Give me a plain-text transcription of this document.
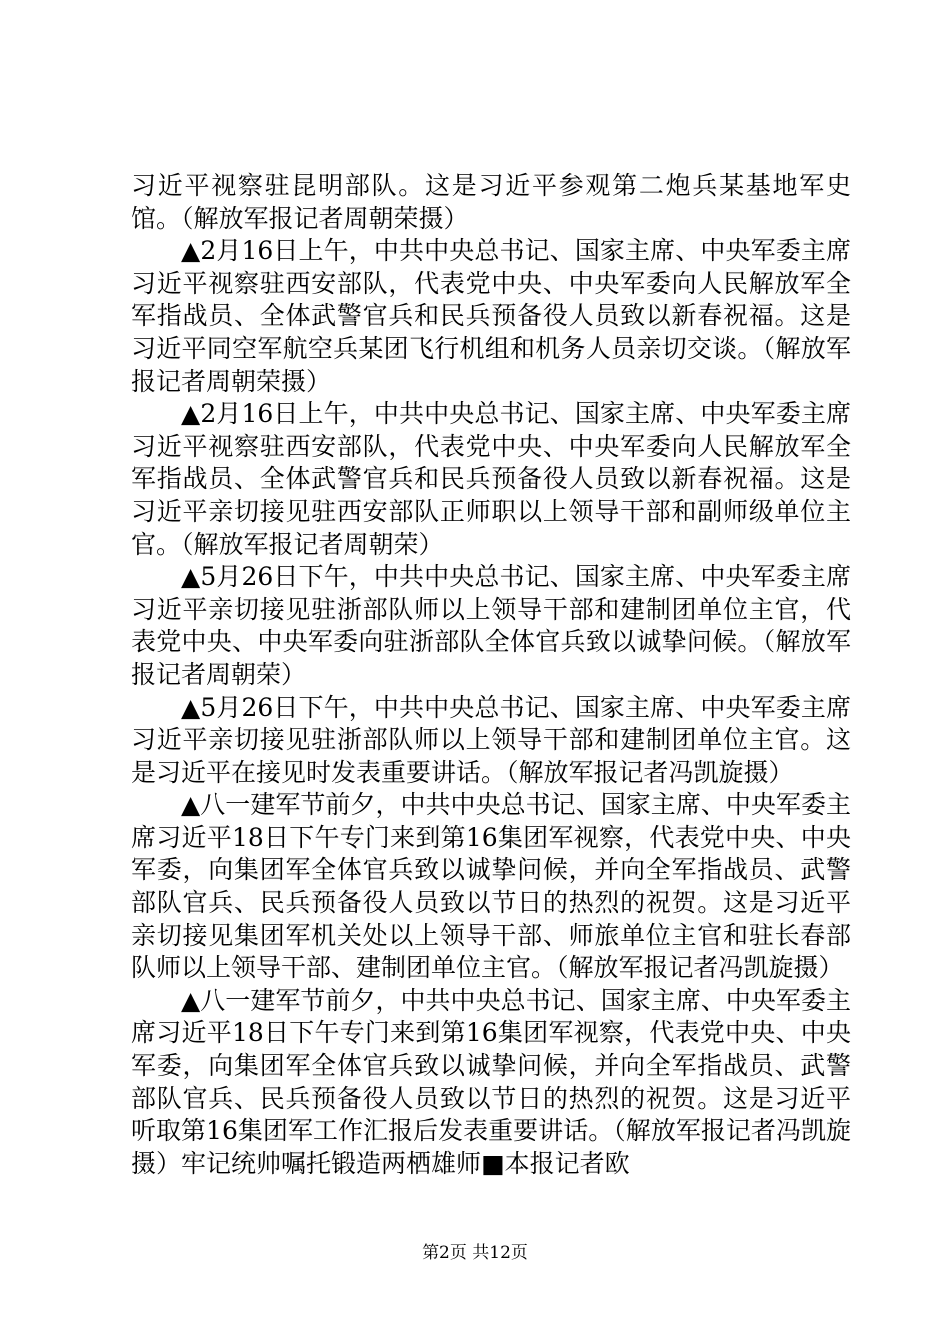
习近平视察驻昆明部队。这是习近平参观第二炮兵某基地军史馆。（解放军报记者周朝荣摄）

▲2月16日上午，中共中央总书记、国家主席、中央军委主席习近平视察驻西安部队，代表党中央、中央军委向人民解放军全军指战员、全体武警官兵和民兵预备役人员致以新春祝福。这是习近平同空军航空兵某团飞行机组和机务人员亲切交谈。（解放军报记者周朝荣摄）

▲2月16日上午，中共中央总书记、国家主席、中央军委主席习近平视察驻西安部队，代表党中央、中央军委向人民解放军全军指战员、全体武警官兵和民兵预备役人员致以新春祝福。这是习近平亲切接见驻西安部队正师职以上领导干部和副师级单位主官。（解放军报记者周朝荣）

▲5月26日下午，中共中央总书记、国家主席、中央军委主席习近平亲切接见驻浙部队师以上领导干部和建制团单位主官，代表党中央、中央军委向驻浙部队全体官兵致以诚挚问候。（解放军报记者周朝荣）

▲5月26日下午，中共中央总书记、国家主席、中央军委主席习近平亲切接见驻浙部队师以上领导干部和建制团单位主官。这是习近平在接见时发表重要讲话。（解放军报记者冯凯旋摄）

▲八一建军节前夕，中共中央总书记、国家主席、中央军委主席习近平18日下午专门来到第16集团军视察，代表党中央、中央军委，向集团军全体官兵致以诚挚问候，并向全军指战员、武警部队官兵、民兵预备役人员致以节日的热烈的祝贺。这是习近平亲切接见集团军机关处以上领导干部、师旅单位主官和驻长春部队师以上领导干部、建制团单位主官。（解放军报记者冯凯旋摄）

▲八一建军节前夕，中共中央总书记、国家主席、中央军委主席习近平18日下午专门来到第16集团军视察，代表党中央、中央军委，向集团军全体官兵致以诚挚问候，并向全军指战员、武警部队官兵、民兵预备役人员致以节日的热烈的祝贺。这是习近平听取第16集团军工作汇报后发表重要讲话。（解放军报记者冯凯旋摄）牢记统帅嘱托锻造两栖雄师■本报记者欧

第2页 共12页
